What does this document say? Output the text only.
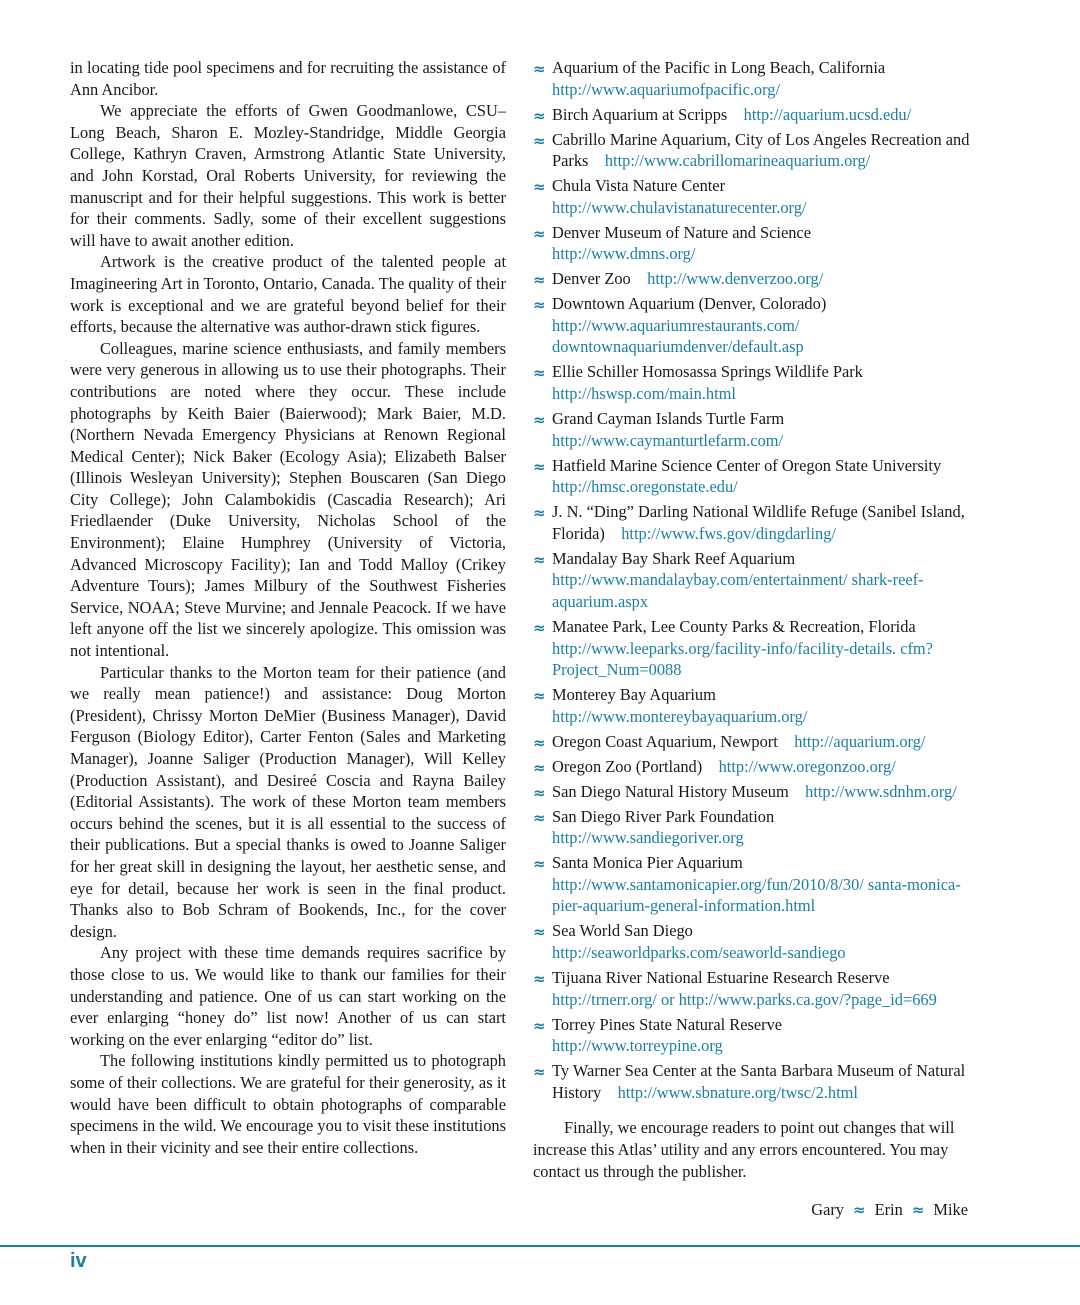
in locating tide pool specimens and for recruiting the assistance of Ann Ancibor.

We appreciate the efforts of Gwen Goodmanlowe, CSU–Long Beach, Sharon E. Mozley-Standridge, Middle Georgia College, Kathryn Craven, Armstrong Atlantic State University, and John Korstad, Oral Roberts University, for reviewing the manuscript and for their helpful suggestions. This work is better for their comments. Sadly, some of their excellent suggestions will have to await another edition.

Artwork is the creative product of the talented people at Imagineering Art in Toronto, Ontario, Canada. The quality of their work is exceptional and we are grateful beyond belief for their efforts, because the alternative was author-drawn stick figures.

Colleagues, marine science enthusiasts, and family members were very generous in allowing us to use their photographs. Their contributions are noted where they occur. These include photographs by Keith Baier (Baierwood); Mark Baier, M.D. (Northern Nevada Emergency Physicians at Renown Regional Medical Center); Nick Baker (Ecology Asia); Elizabeth Balser (Illinois Wesleyan University); Stephen Bouscaren (San Diego City College); John Calambokidis (Cascadia Research); Ari Friedlaender (Duke University, Nicholas School of the Environment); Elaine Humphrey (University of Victoria, Advanced Microscopy Facility); Ian and Todd Malloy (Crikey Adventure Tours); James Milbury of the Southwest Fisheries Service, NOAA; Steve Murvine; and Jennale Peacock. If we have left anyone off the list we sincerely apologize. This omission was not intentional.

Particular thanks to the Morton team for their patience (and we really mean patience!) and assistance: Doug Morton (President), Chrissy Morton DeMier (Business Manager), David Ferguson (Biology Editor), Carter Fenton (Sales and Marketing Manager), Joanne Saliger (Production Manager), Will Kelley (Production Assistant), and Desireé Coscia and Rayna Bailey (Editorial Assistants). The work of these Morton team members occurs behind the scenes, but it is all essential to the success of their publications. But a special thanks is owed to Joanne Saliger for her great skill in designing the layout, her aesthetic sense, and eye for detail, because her work is seen in the final product. Thanks also to Bob Schram of Bookends, Inc., for the cover design.

Any project with these time demands requires sacrifice by those close to us. We would like to thank our families for their understanding and patience. One of us can start working on the ever enlarging “honey do” list now! Another of us can start working on the ever enlarging “editor do” list.

The following institutions kindly permitted us to photograph some of their collections. We are grateful for their generosity, as it would have been difficult to obtain photographs of comparable specimens in the wild. We encourage you to visit these institutions when in their vicinity and see their entire collections.

≈ Aquarium of the Pacific in Long Beach, California
http://www.aquariumofpacific.org/
≈ Birch Aquarium at Scripps  http://aquarium.ucsd.edu/
≈ Cabrillo Marine Aquarium, City of Los Angeles Recreation and Parks  http://www.cabrillomarineaquarium.org/
≈ Chula Vista Nature Center
http://www.chulavistanaturecenter.org/
≈ Denver Museum of Nature and Science
http://www.dmns.org/
≈ Denver Zoo  http://www.denverzoo.org/
≈ Downtown Aquarium (Denver, Colorado)
http://www.aquariumrestaurants.com/ downtownaquariumdenver/default.asp
≈ Ellie Schiller Homosassa Springs Wildlife Park
http://hswsp.com/main.html
≈ Grand Cayman Islands Turtle Farm
http://www.caymanturtlefarm.com/
≈ Hatfield Marine Science Center of Oregon State University
http://hmsc.oregonstate.edu/
≈ J. N. “Ding” Darling National Wildlife Refuge (Sanibel Island, Florida)  http://www.fws.gov/dingdarling/
≈ Mandalay Bay Shark Reef Aquarium
http://www.mandalaybay.com/entertainment/ shark-reef-aquarium.aspx
≈ Manatee Park, Lee County Parks & Recreation, Florida
http://www.leeparks.org/facility-info/facility-details. cfm?Project_Num=0088
≈ Monterey Bay Aquarium
http://www.montereybayaquarium.org/
≈ Oregon Coast Aquarium, Newport  http://aquarium.org/
≈ Oregon Zoo (Portland)  http://www.oregonzoo.org/
≈ San Diego Natural History Museum  http://www.sdnhm.org/
≈ San Diego River Park Foundation
http://www.sandiegoriver.org
≈ Santa Monica Pier Aquarium
http://www.santamonicapier.org/fun/2010/8/30/ santa-monica-pier-aquarium-general-information.html
≈ Sea World San Diego
http://seaworldparks.com/seaworld-sandiego
≈ Tijuana River National Estuarine Research Reserve
http://trnerr.org/ or http://www.parks.ca.gov/?page_id=669
≈ Torrey Pines State Natural Reserve
http://www.torreypine.org
≈ Ty Warner Sea Center at the Santa Barbara Museum of Natural History  http://www.sbnature.org/twsc/2.html

Finally, we encourage readers to point out changes that will increase this Atlas’ utility and any errors encountered. You may contact us through the publisher.

Gary ≈ Erin ≈ Mike
iv
